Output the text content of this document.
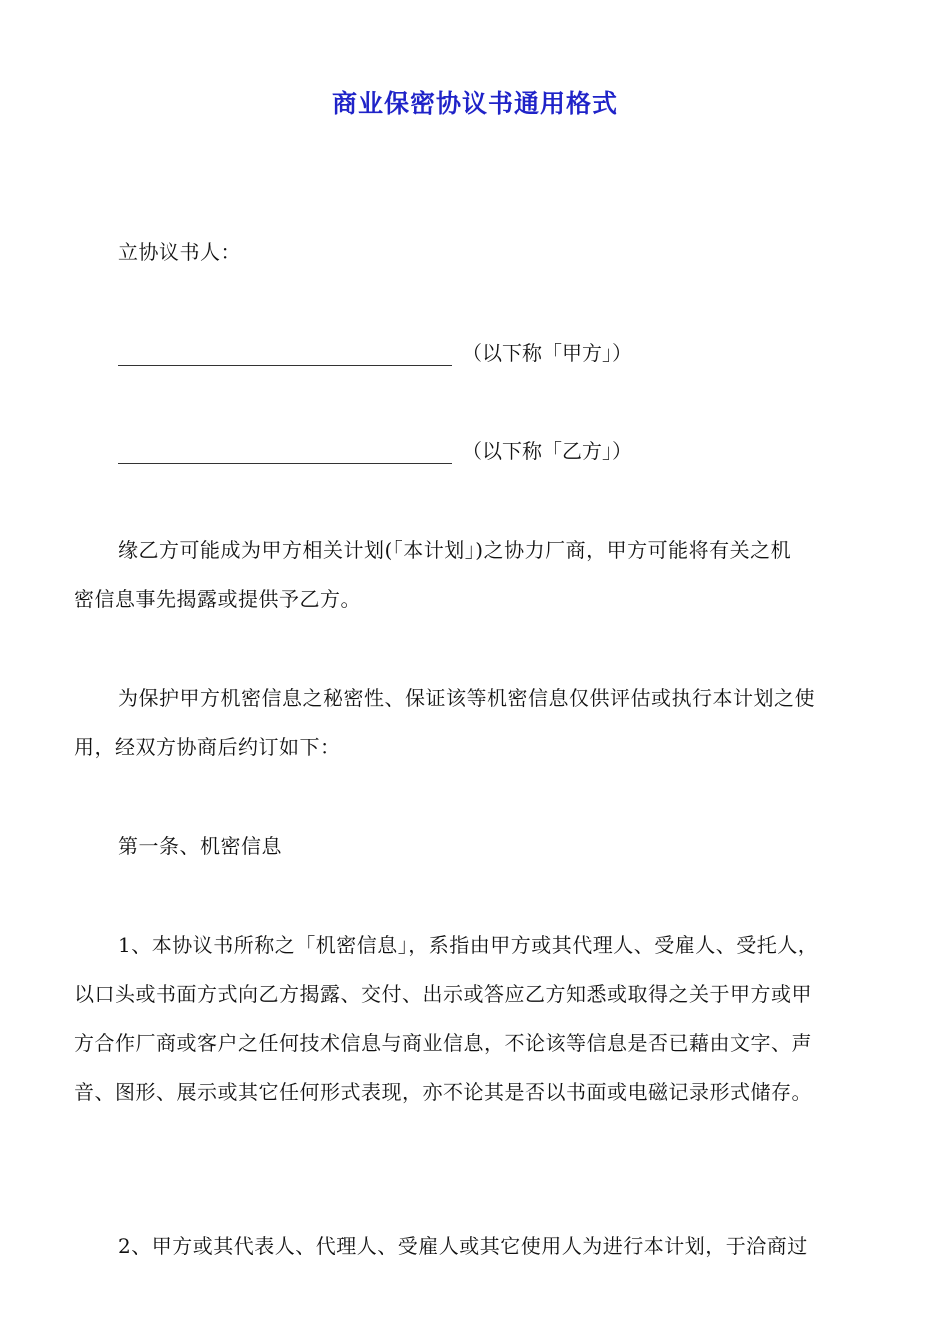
商业保密协议书通用格式
立协议书人：
（以下称「甲方」）
（以下称「乙方」）
缘乙方可能成为甲方相关计划(「本计划」)之协力厂商，甲方可能将有关之机
密信息事先揭露或提供予乙方。
为保护甲方机密信息之秘密性、保证该等机密信息仅供评估或执行本计划之使
用，经双方协商后约订如下：
第一条、机密信息
1、本协议书所称之「机密信息」，系指由甲方或其代理人、受雇人、受托人，
以口头或书面方式向乙方揭露、交付、出示或答应乙方知悉或取得之关于甲方或甲
方合作厂商或客户之任何技术信息与商业信息，不论该等信息是否已藉由文字、声
音、图形、展示或其它任何形式表现，亦不论其是否以书面或电磁记录形式储存。
2、甲方或其代表人、代理人、受雇人或其它使用人为进行本计划，于洽商过
